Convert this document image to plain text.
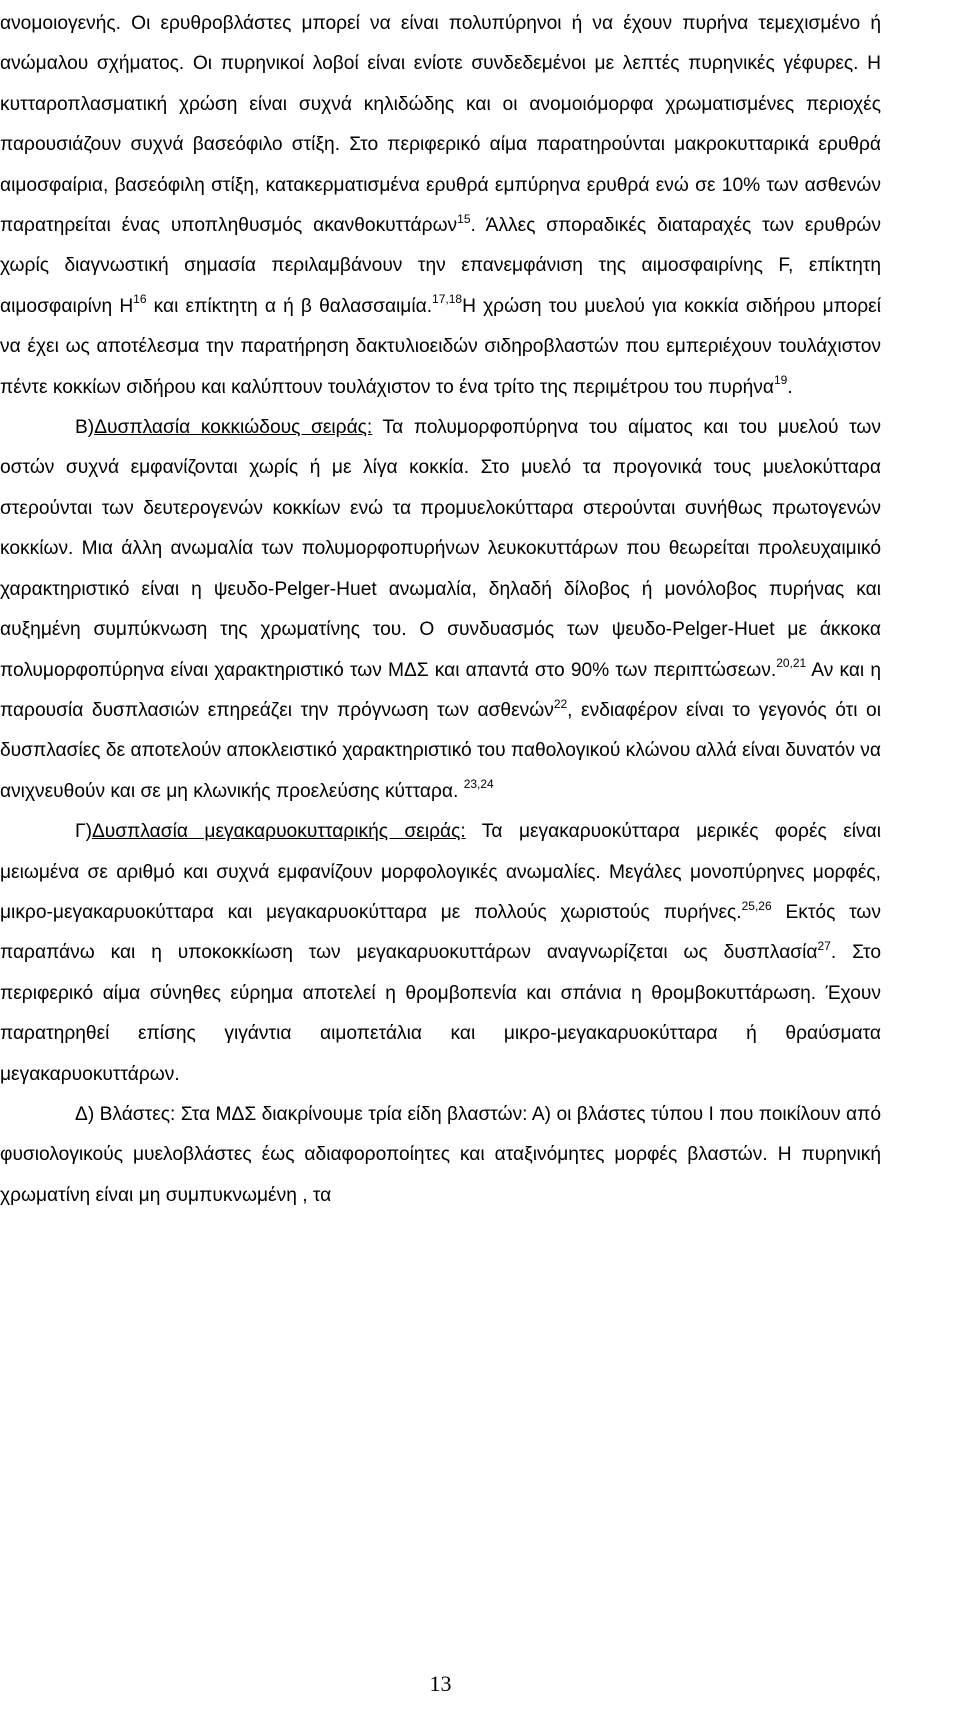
ανομοιογενής. Οι ερυθροβλάστες μπορεί να είναι πολυπύρηνοι ή να έχουν πυρήνα τεμεχισμένο ή ανώμαλου σχήματος. Οι πυρηνικοί λοβοί είναι ενίοτε συνδεδεμένοι με λεπτές πυρηνικές γέφυρες. Η κυτταροπλασματική χρώση είναι συχνά κηλιδώδης και οι ανομοιόμορφα χρωματισμένες περιοχές παρουσιάζουν συχνά βασεόφιλο στίξη. Στο περιφερικό αίμα παρατηρούνται μακροκυτταρικά ερυθρά αιμοσφαίρια, βασεόφιλη στίξη, κατακερματισμένα ερυθρά εμπύρηνα ερυθρά ενώ σε 10% των ασθενών παρατηρείται ένας υποπληθυσμός ακανθοκυττάρων$^{15}$. Άλλες σποραδικές διαταραχές των ερυθρών χωρίς διαγνωστική σημασία περιλαμβάνουν την επανεμφάνιση της αιμοσφαιρίνης F, επίκτητη αιμοσφαιρίνη $H^{16}$ και επίκτητη α ή β θαλασσαιμία.$^{17,18}$Η χρώση του μυελού για κοκκία σιδήρου μπορεί να έχει ως αποτέλεσμα την παρατήρηση δακτυλιοειδών σιδηροβλαστών που εμπεριέχουν τουλάχιστον πέντε κοκκίων σιδήρου και καλύπτουν τουλάχιστον το ένα τρίτο της περιμέτρου του πυρήνα$^{19}$.

Β)Δυσπλασία κοκκιώδους σειράς: Τα πολυμορφοπύρηνα του αίματος και του μυελού των οστών συχνά εμφανίζονται χωρίς ή με λίγα κοκκία. Στο μυελό τα προγονικά τους μυελοκύτταρα στερούνται των δευτερογενών κοκκίων ενώ τα προμυελοκύτταρα στερούνται συνήθως πρωτογενών κοκκίων. Μια άλλη ανωμαλία των πολυμορφοπυρήνων λευκοκυττάρων που θεωρείται προλευχαιμικό χαρακτηριστικό είναι η ψευδο-Pelger-Huet ανωμαλία, δηλαδή δίλοβος ή μονόλοβος πυρήνας και αυξημένη συμπύκνωση της χρωματίνης του. Ο συνδυασμός των ψευδο-Pelger-Huet με άκκοκα πολυμορφοπύρηνα είναι χαρακτηριστικό των ΜΔΣ και απαντά στο 90% των περιπτώσεων.$^{20,21}$ Αν και η παρουσία δυσπλασιών επηρεάζει την πρόγνωση των ασθενών$^{22}$, ενδιαφέρον είναι το γεγονός ότι οι δυσπλασίες δε αποτελούν αποκλειστικό χαρακτηριστικό του παθολογικού κλώνου αλλά είναι δυνατόν να ανιχνευθούν και σε μη κλωνικής προελεύσης κύτταρα. $^{23,24}$

Γ)Δυσπλασία μεγακαρυοκυτταρικής σειράς: Τα μεγακαρυοκύτταρα μερικές φορές είναι μειωμένα σε αριθμό και συχνά εμφανίζουν μορφολογικές ανωμαλίες. Μεγάλες μονοπύρηνες μορφές, μικρο-μεγακαρυοκύτταρα και μεγακαρυοκύτταρα με πολλούς χωριστούς πυρήνες.$^{25,26}$ Εκτός των παραπάνω και η υποκοκκίωση των μεγακαρυοκυττάρων αναγνωρίζεται ως δυσπλασία$^{27}$. Στο περιφερικό αίμα σύνηθες εύρημα αποτελεί η θρομβοπενία και σπάνια η θρομβοκυττάρωση. Έχουν παρατηρηθεί επίσης γιγάντια αιμοπετάλια και μικρο-μεγακαρυοκύτταρα ή θραύσματα μεγακαρυοκυττάρων.

Δ) Βλάστες: Στα ΜΔΣ διακρίνουμε τρία είδη βλαστών: Α) οι βλάστες τύπου Ι που ποικίλουν από φυσιολογικούς μυελοβλάστες έως αδιαφοροποίητες και αταξινόμητες μορφές βλαστών. Η πυρηνική χρωματίνη είναι μη συμπυκνωμένη , τα

13
